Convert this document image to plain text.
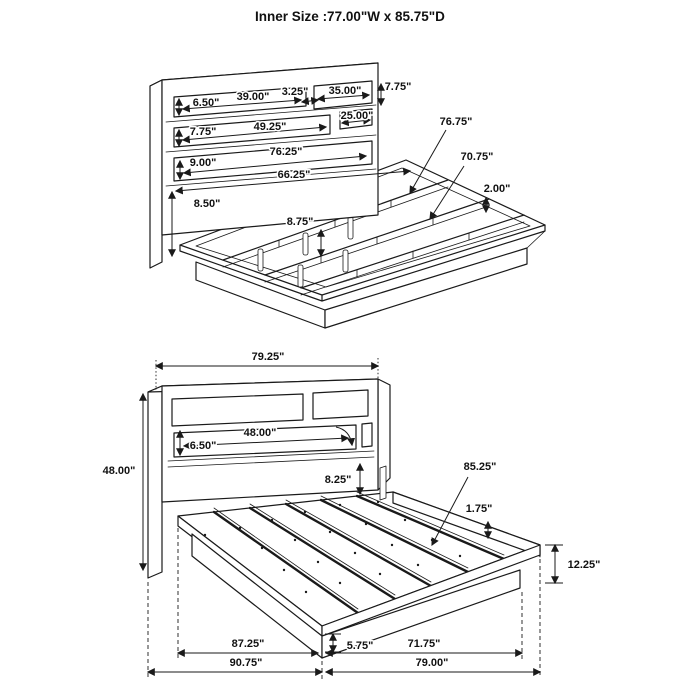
Inner Size :77.00"W x 85.75"D
6.50" 39.00" 3.25" 35.00" 7.75"
7.75"	49.25"
25.00"
9.00"
76.25"
66.25"
8.50"
8.75"
76.75"
70.75"
2.00"
79.25"
48.00"
48.00"
6.50"
8.25"
85.25"
1.75"
12.25"
5.75"
87.25"	71.75"
90.75"	79.00"
